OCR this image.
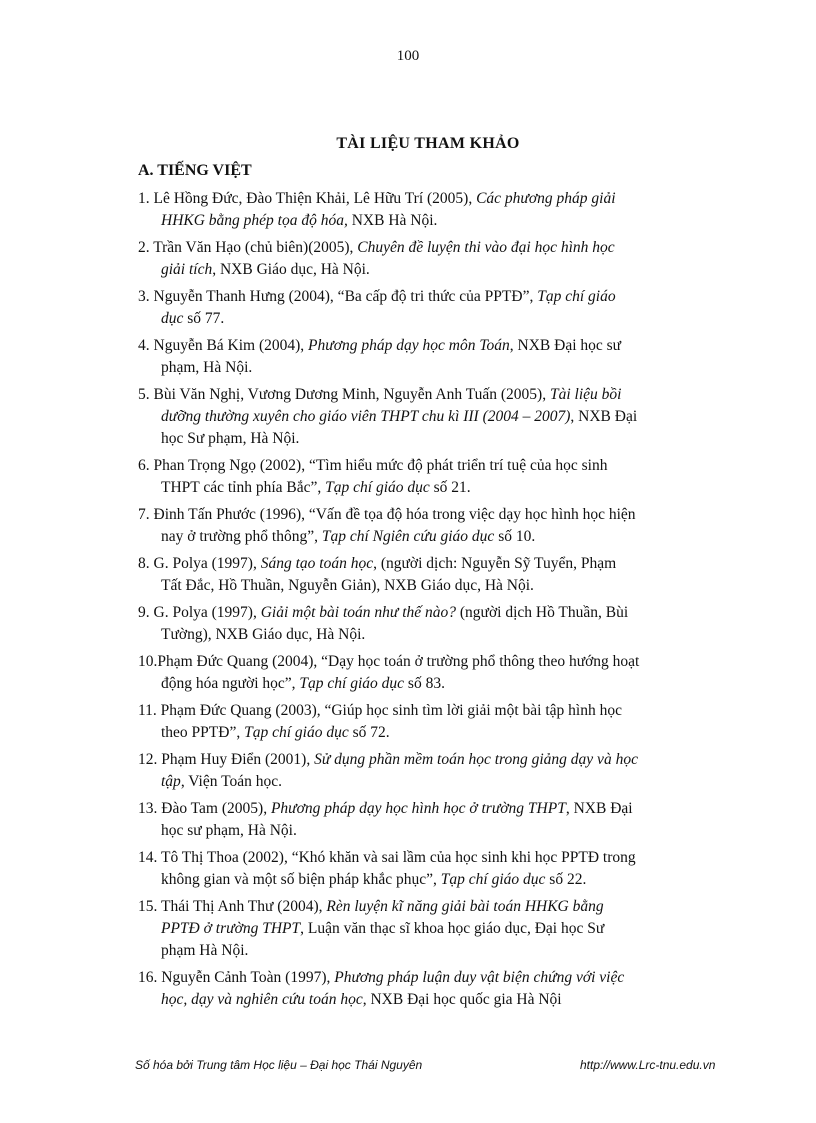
100
TÀI LIỆU THAM KHẢO
A. TIẾNG VIỆT
1. Lê Hồng Đức, Đào Thiện Khải, Lê Hữu Trí (2005), Các phương pháp giải
HHKG bằng phép tọa độ hóa, NXB Hà Nội.
2. Trần Văn Hạo (chủ biên)(2005), Chuyên đề luyện thi vào đại học hình học
giải tích, NXB Giáo dục, Hà Nội.
3. Nguyễn Thanh Hưng (2004), “Ba cấp độ tri thức của PPTĐ”, Tạp chí giáo
dục số 77.
4. Nguyễn Bá Kim (2004), Phương pháp dạy học môn Toán, NXB Đại học sư
phạm, Hà Nội.
5. Bùi Văn Nghị, Vương Dương Minh, Nguyễn Anh Tuấn (2005), Tài liệu bồi
dưỡng thường xuyên cho giáo viên THPT chu kì III (2004 – 2007), NXB Đại
học Sư phạm, Hà Nội.
6. Phan Trọng Ngọ (2002), “Tìm hiểu mức độ phát triển trí tuệ của học sinh
THPT các tỉnh phía Bắc”, Tạp chí giáo dục số 21.
7. Đinh Tấn Phước (1996), “Vấn đề tọa độ hóa trong việc dạy học hình học hiện
nay ở trường phổ thông”, Tạp chí Ngiên cứu giáo dục số 10.
8. G. Polya (1997), Sáng tạo toán học, (người dịch: Nguyễn Sỹ Tuyển, Phạm
Tất Đắc, Hồ Thuần, Nguyễn Giản), NXB Giáo dục, Hà Nội.
9. G. Polya (1997), Giải một bài toán như thế nào? (người dịch Hồ Thuần, Bùi
Tường), NXB Giáo dục, Hà Nội.
10.Phạm Đức Quang (2004), “Dạy học toán ở trường phổ thông theo hướng hoạt
động hóa người học”, Tạp chí giáo dục số 83.
11. Phạm Đức Quang (2003), “Giúp học sinh tìm lời giải một bài tập hình học
theo PPTĐ”, Tạp chí giáo dục số 72.
12. Phạm Huy Điển (2001), Sử dụng phần mềm toán học trong giảng dạy và học
tập, Viện Toán học.
13. Đào Tam (2005), Phương pháp dạy học hình học ở trường THPT, NXB Đại
học sư phạm, Hà Nội.
14. Tô Thị Thoa (2002), “Khó khăn và sai lầm của học sinh khi học PPTĐ trong
không gian và một số biện pháp khắc phục”, Tạp chí giáo dục số 22.
15. Thái Thị Anh Thư (2004), Rèn luyện kĩ năng giải bài toán HHKG bằng
PPTĐ ở trường THPT, Luận văn thạc sĩ khoa học giáo dục, Đại học Sư
phạm Hà Nội.
16. Nguyễn Cảnh Toàn (1997), Phương pháp luận duy vật biện chứng với việc
học, dạy và nghiên cứu toán học, NXB Đại học quốc gia Hà Nội
Số hóa bởi Trung tâm Học liệu – Đại học Thái Nguyên	http://www.Lrc-tnu.edu.vn
